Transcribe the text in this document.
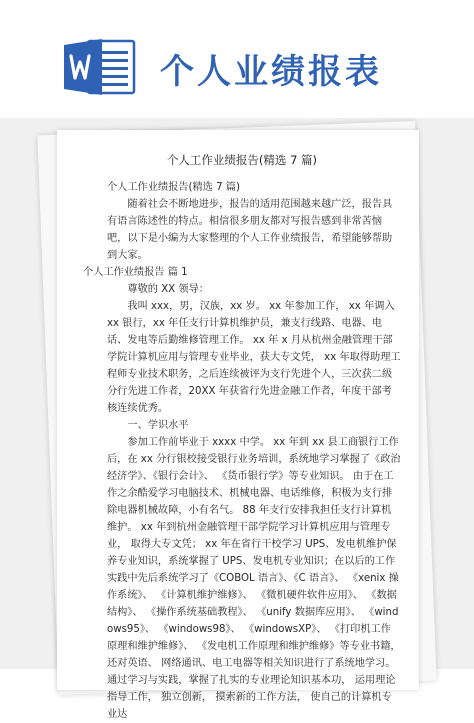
个人业绩报表
个人工作业绩报告(精选 7 篇)

个人工作业绩报告(精选 7 篇)

随着社会不断地进步，报告的适用范围越来越广泛，报告具有语言陈述性的特点。相信很多朋友都对写报告感到非常苦恼吧，以下是小编为大家整理的个人工作业绩报告，希望能够帮助到大家。

个人工作业绩报告 篇 1

尊敬的 XX 领导：

我叫 xxx，男，汉族，xx 岁。 xx 年参加工作， xx 年调入 xx 银行，xx 年任支行计算机维护员，兼支行线路、电器、电话、发电等后勤维修管理工作。 xx 年 x 月从杭州金融管理干部学院计算机应用与管理专业毕业，获大专文凭， xx 年取得助理工程师专业技术职务，之后连续被评为支行先进个人，三次获二级分行先进工作者，20XX 年获省行先进金融工作者，年度干部考核连续优秀。

一、学识水平

参加工作前毕业于 xxxx 中学。 xx 年到 xx 县工商银行工作后，在 xx 分行银校接受银行业务培训，系统地学习掌握了《政治经济学》、《银行会计》、 《货币银行学》等专业知识。 由于在工作之余酷爱学习电脑技术、机械电器、电话维修，积极为支行排除电器机械故障，小有名气。 88 年支行安排我担任支行计算机维护。 xx 年到杭州金融管理干部学院学习计算机应用与管理专业， 取得大专文凭； xx 年在省行干校学习 UPS、发电机维护保养专业知识，系统掌握了 UPS、发电机专业知识；在以后的工作实践中先后系统学习了《COBOL 语言》、《C 语言》、 《xenix 操作系统》、 《计算机维护维修》、 《微机硬件软件应用》、 《数据结构》、 《操作系统基础教程》、 《unify 数据库应用》、 《windows95》、 《windows98》、 《windowsXP》、 《打印机工作原理和维护维修》、 《发电机工作原理和维护维修》等专业书籍，还对英语、 网络通讯、电工电器等相关知识进行了系统地学习。通过学习与实践，掌握了扎实的专业理论知识基本功， 运用理论指导工作， 独立创新， 摸索新的工作方法， 使自己的计算机专业达
